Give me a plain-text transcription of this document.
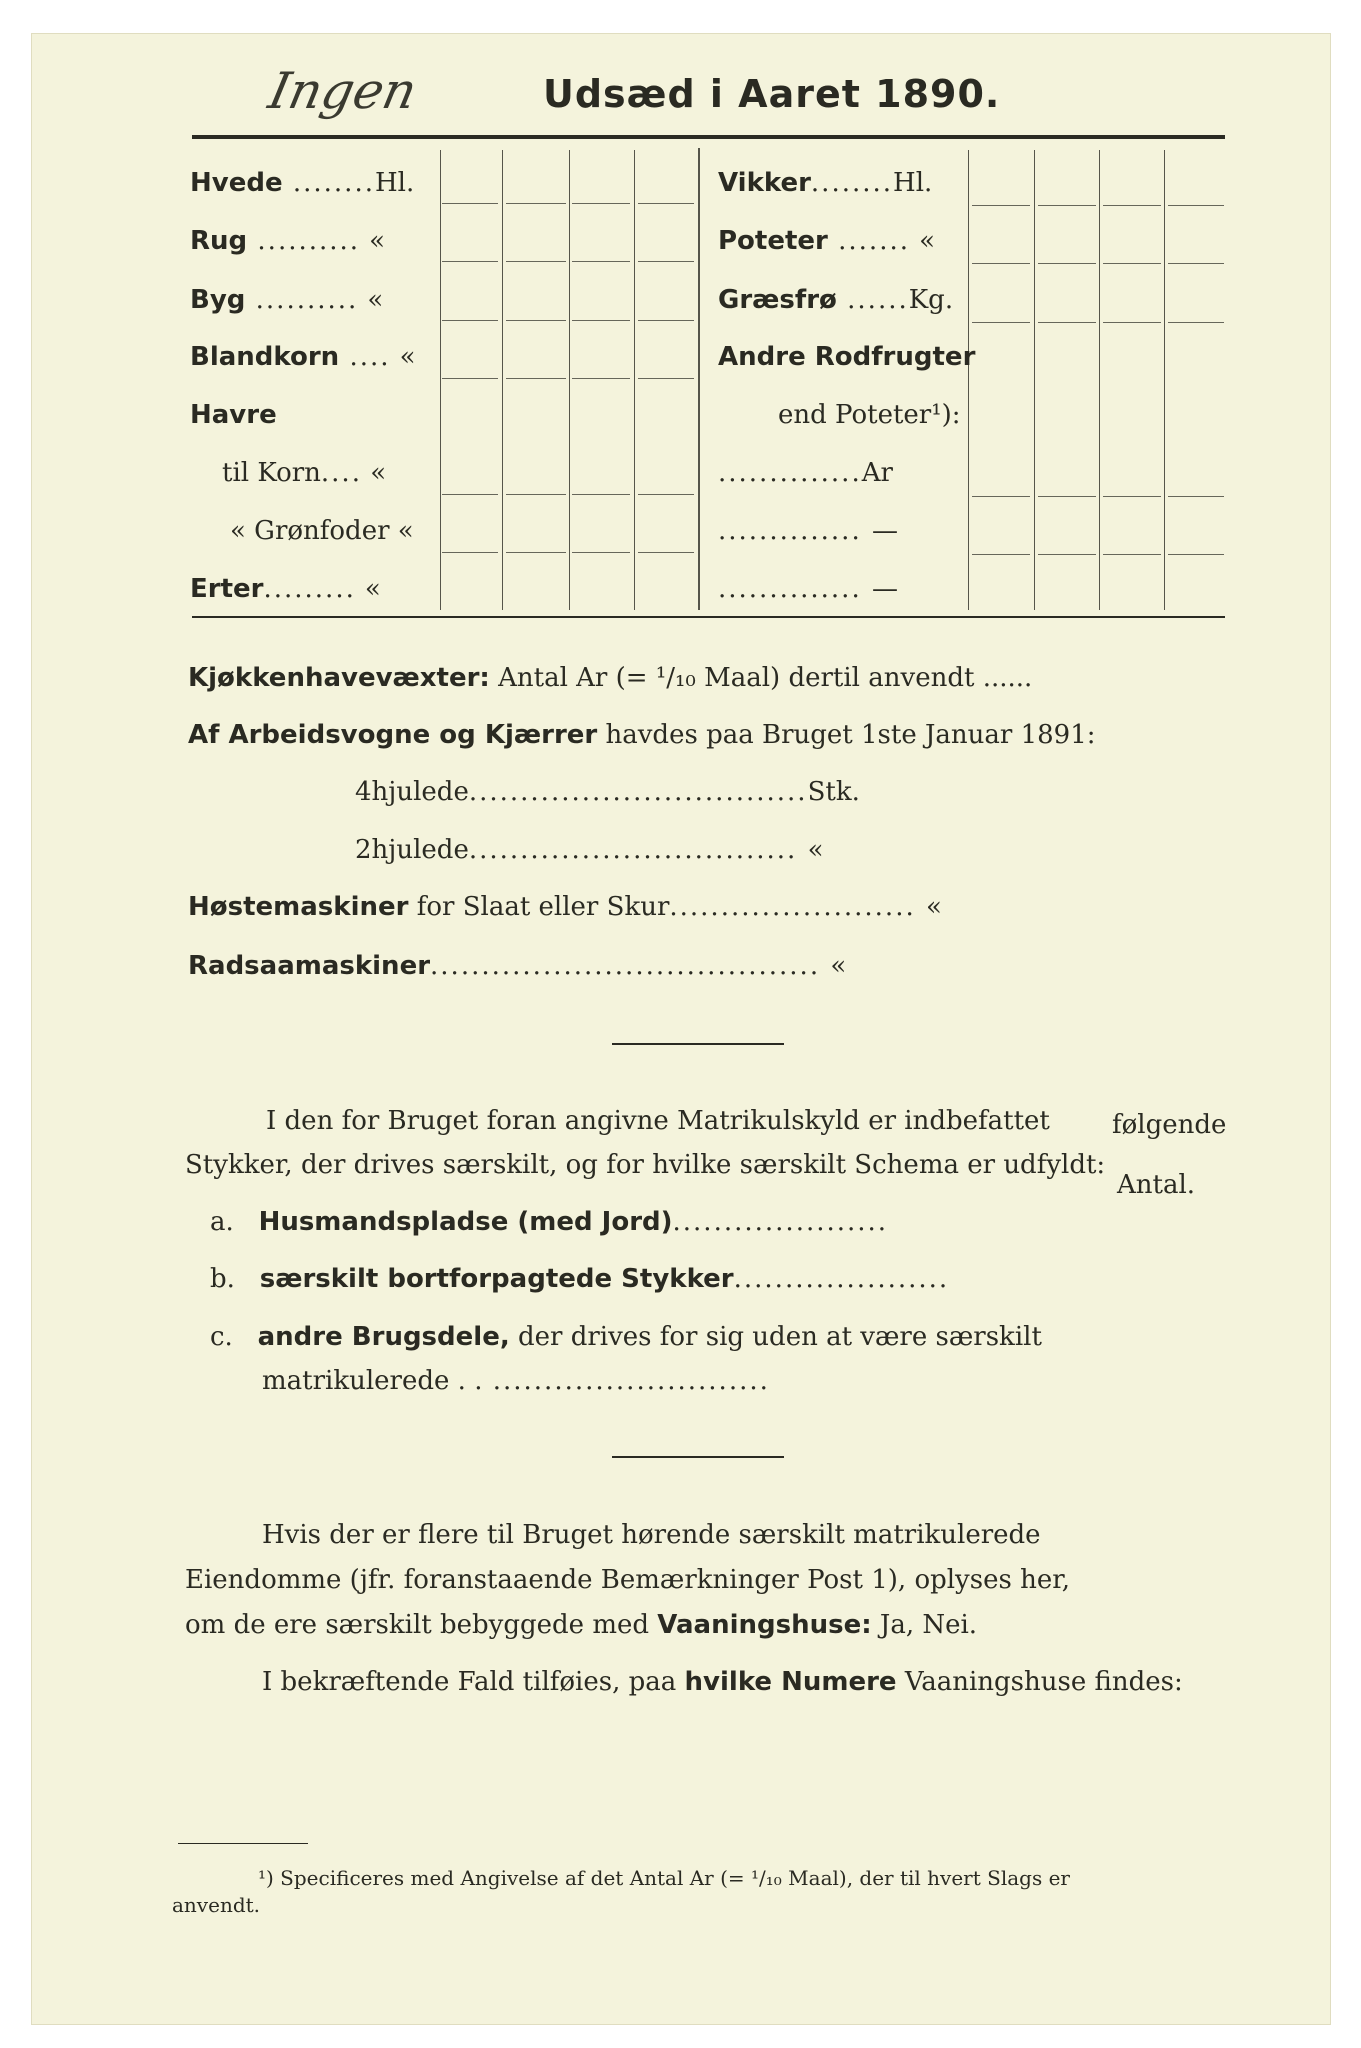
Ingen	Udsæd i Aaret 1890.
Hvede ........Hl.
Rug .......... «
Byg .......... «
Blandkorn .... «
Havre
til Korn.... «
« Grønfoder «
Erter......... «
Vikker........Hl.
Poteter ....... «
Græsfrø ......Kg.
Andre Rodfrugter
end Poteter¹):
..............Ar
.............. —
.............. —
Kjøkkenhavevæxter: Antal Ar (= ¹/₁₀ Maal) dertil anvendt ......
Af Arbeidsvogne og Kjærrer havdes paa Bruget 1ste Januar 1891:
4hjulede.................................Stk.
2hjulede................................ «
Høstemaskiner for Slaat eller Skur........................ «
Radsaamaskiner...................................... «
I den for Bruget foran angivne Matrikulskyld er indbefattet følgende
Stykker, der drives særskilt, og for hvilke særskilt Schema er udfyldt:
Antal.
a. Husmandspladse (med Jord).....................
b. særskilt bortforpagtede Stykker.....................
c. andre Brugsdele, der drives for sig uden at være særskilt
matrikulerede . . ...........................
Hvis der er flere til Bruget hørende særskilt matrikulerede
Eiendomme (jfr. foranstaaende Bemærkninger Post 1), oplyses her,
om de ere særskilt bebyggede med Vaaningshuse: Ja, Nei.
I bekræftende Fald tilføies, paa hvilke Numere Vaaningshuse findes:
¹) Specificeres med Angivelse af det Antal Ar (= ¹/₁₀ Maal), der til hvert Slags er
anvendt.
